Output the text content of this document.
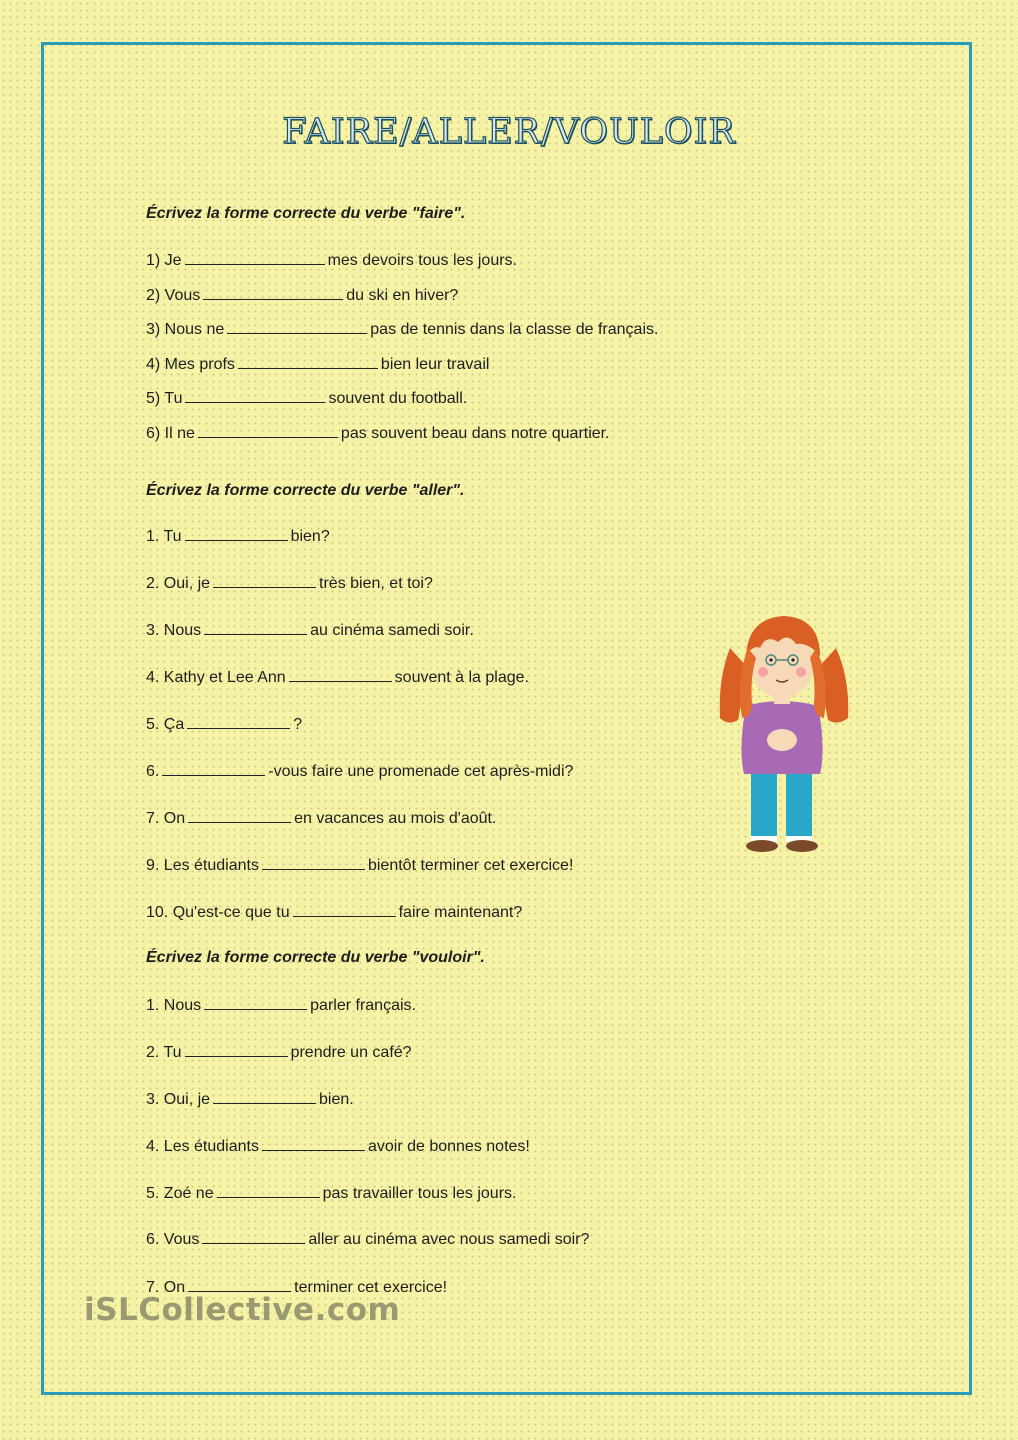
FAIRE/ALLER/VOULOIR
Écrivez la forme correcte du verbe "faire".
1) Je	mes devoirs tous les jours.
2) Vous	du ski en hiver?
3) Nous ne	pas de tennis dans la classe de français.
4) Mes profs	bien leur travail
5) Tu	souvent du football.
6) Il ne	pas souvent beau dans notre quartier.
Écrivez la forme correcte du verbe "aller".
1. Tu	bien?
2. Oui, je	très bien, et toi?
3. Nous	au cinéma samedi soir.
4. Kathy et Lee Ann	souvent à la plage.
5. Ça	?
6.	-vous faire une promenade cet après-midi?
7. On	en vacances au mois d'août.
9. Les étudiants	bientôt terminer cet exercice!
10. Qu'est-ce que tu	faire maintenant?
Écrivez la forme correcte du verbe "vouloir".
1. Nous	parler français.
2. Tu	prendre un café?
3. Oui, je	bien.
4. Les étudiants	avoir de bonnes notes!
5. Zoé ne	pas travailler tous les jours.
6. Vous	aller au cinéma avec nous samedi soir?
7. On	terminer cet exercice!
iSLCollective.com
